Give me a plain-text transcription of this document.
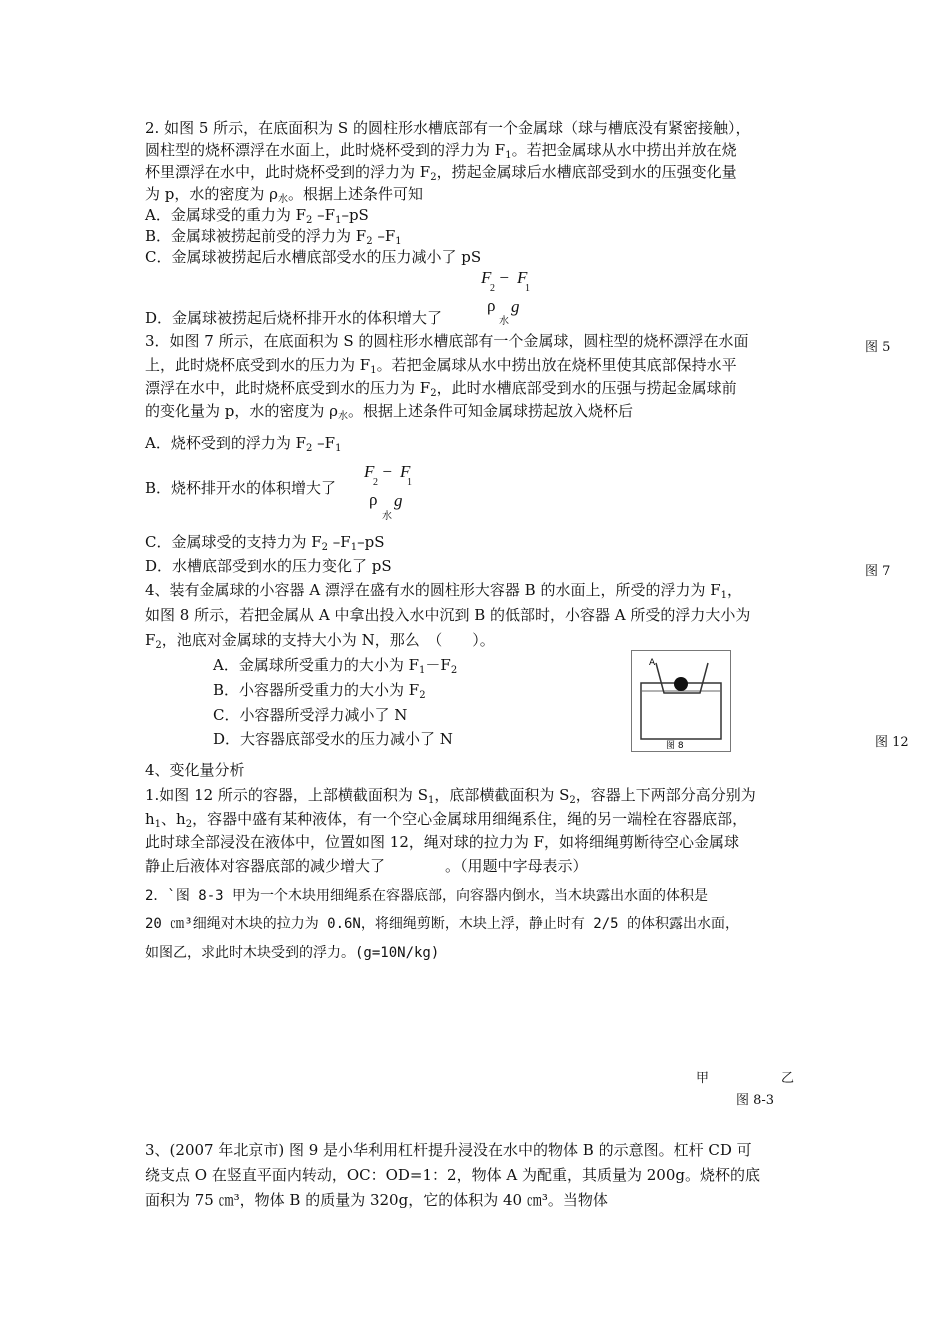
2. 如图 5 所示，在底面积为 S 的圆柱形水槽底部有一个金属球（球与槽底没有紧密接触），
圆柱型的烧杯漂浮在水面上，此时烧杯受到的浮力为 $F_1$。若把金属球从水中捞出并放在烧
杯里漂浮在水中，此时烧杯受到的浮力为 $F_2$，捞起金属球后水槽底部受到水的压强变化量
为 p，水的密度为 $\rho_水$。根据上述条件可知
A．金属球受的重力为 $F_2$ $-F_1-pS$
B．金属球被捞起前受的浮力为 $F_2$ $-F_1$
C．金属球被捞起后水槽底部受水的压力减小了 pS
F − F
2	1
ρ
水
g
D．金属球被捞起后烧杯排开水的体积增大了
3．如图 7 所示，在底面积为 S 的圆柱形水槽底部有一个金属球，圆柱型的烧杯漂浮在水面	图 5
上，此时烧杯底受到水的压力为 $F_1$。若把金属球从水中捞出放在烧杯里使其底部保持水平
漂浮在水中，此时烧杯底受到水的压力为 $F_2$，此时水槽底部受到水的压强与捞起金属球前
的变化量为 p，水的密度为 $\rho_水$。根据上述条件可知金属球捞起放入烧杯后
A．烧杯受到的浮力为 $F_2$ $-F_1$
F − F
2	1
ρ
水
g
B．烧杯排开水的体积增大了
C．金属球受的支持力为 $F_2$ $-F_1-pS$
D．水槽底部受到水的压力变化了 pS	图 7
4、装有金属球的小容器 A 漂浮在盛有水的圆柱形大容器 B 的水面上，所受的浮力为 $F_1$，
如图 8 所示，若把金属从 A 中拿出投入水中沉到 B 的低部时，小容器 A 所受的浮力大小为
$F_2$，池底对金属球的支持大小为 N，那么　（　　）。
A．金属球所受重力的大小为 $F_1-F_2$
B．小容器所受重力的大小为 $F_2$
C．小容器所受浮力减小了 N
D．大容器底部受水的压力减小了 N
A
图 8	图 12
4、变化量分析
1.如图 12 所示的容器，上部横截面积为 $S_1$，底部横截面积为 $S_2$，容器上下两部分高分别为
$h_1$、$h_2$，容器中盛有某种液体，有一个空心金属球用细绳系住，绳的另一端栓在容器底部，
此时球全部浸没在液体中，位置如图 12，绳对球的拉力为 F，如将细绳剪断待空心金属球
静止后液体对容器底部的减少增大了　　　　。（用题中字母表示）
2．`图 8-3 甲为一个木块用细绳系在容器底部，向容器内倒水，当木块露出水面的体积是
20 ㎝³细绳对木块的拉力为 0.6N，将细绳剪断，木块上浮，静止时有 2/5 的体积露出水面，
如图乙，求此时木块受到的浮力。(g=10N/kg)
甲	乙
图 8-3
3、(2007 年北京市) 图 9 是小华利用杠杆提升浸没在水中的物体 B 的示意图。杠杆 CD 可
绕支点 O 在竖直平面内转动，OC：OD=1：2，物体 A 为配重，其质量为 200g。烧杯的底
面积为 75 ㎝³，物体 B 的质量为 320g，它的体积为 40 ㎝³。当物体
